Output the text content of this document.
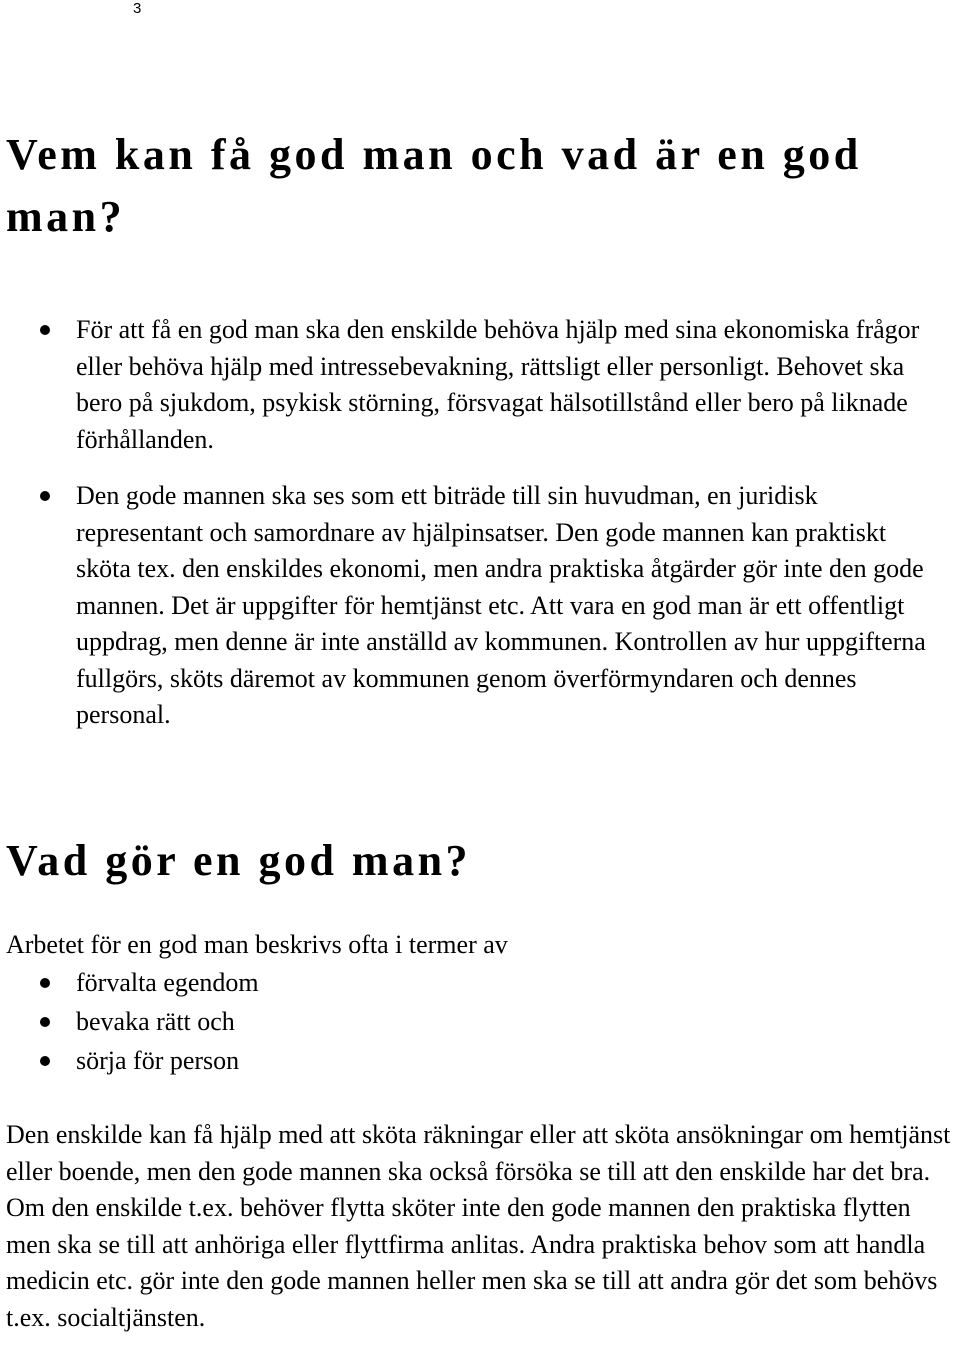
3
Vem kan få god man och vad är en god man?
För att få en god man ska den enskilde behöva hjälp med sina ekonomiska frågor eller behöva hjälp med intressebevakning, rättsligt eller personligt. Behovet ska bero på sjukdom, psykisk störning, försvagat hälsotillstånd eller bero på liknade förhållanden.
Den gode mannen ska ses som ett biträde till sin huvudman, en juridisk representant och samordnare av hjälpinsatser. Den gode mannen kan praktiskt sköta tex. den enskildes ekonomi, men andra praktiska åtgärder gör inte den gode mannen. Det är uppgifter för hemtjänst etc. Att vara en god man är ett offentligt uppdrag, men denne är inte anställd av kommunen. Kontrollen av hur uppgifterna fullgörs, sköts däremot av kommunen genom överförmyndaren och dennes personal.
Vad gör en god man?

Arbetet för en god man beskrivs ofta i termer av

förvalta egendom
bevaka rätt och
sörja för person

Den enskilde kan få hjälp med att sköta räkningar eller att sköta ansökningar om hemtjänst eller boende, men den gode mannen ska också försöka se till att den enskilde har det bra. Om den enskilde t.ex. behöver flytta sköter inte den gode mannen den praktiska flytten men ska se till att anhöriga eller flyttfirma anlitas. Andra praktiska behov som att handla medicin etc. gör inte den gode mannen heller men ska se till att andra gör det som behövs t.ex. socialtjänsten.
